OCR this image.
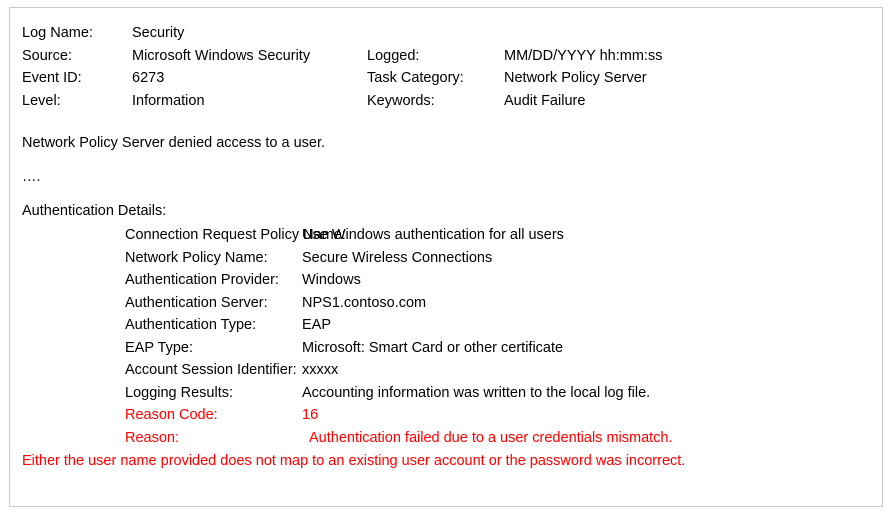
Log Name:	Security
Source:	Microsoft Windows Security	Logged:	MM/DD/YYYY hh:mm:ss
Event ID:	6273	Task Category:	Network Policy Server
Level:	Information	Keywords:	Audit Failure
Network Policy Server denied access to a user.
….
Authentication Details:
Connection Request Policy Name:
Use Windows authentication for all users
Network Policy Name:	Secure Wireless Connections
Authentication Provider:	Windows
Authentication Server:	NPS1.contoso.com
Authentication Type:	EAP
EAP Type:	Microsoft: Smart Card or other certificate
Account Session Identifier: xxxxx
Logging Results:	Accounting information was written to the local log file.
Reason Code:	16
Reason:	Authentication failed due to a user credentials mismatch.
Either the user name provided does not map to an existing user account or the password was incorrect.
